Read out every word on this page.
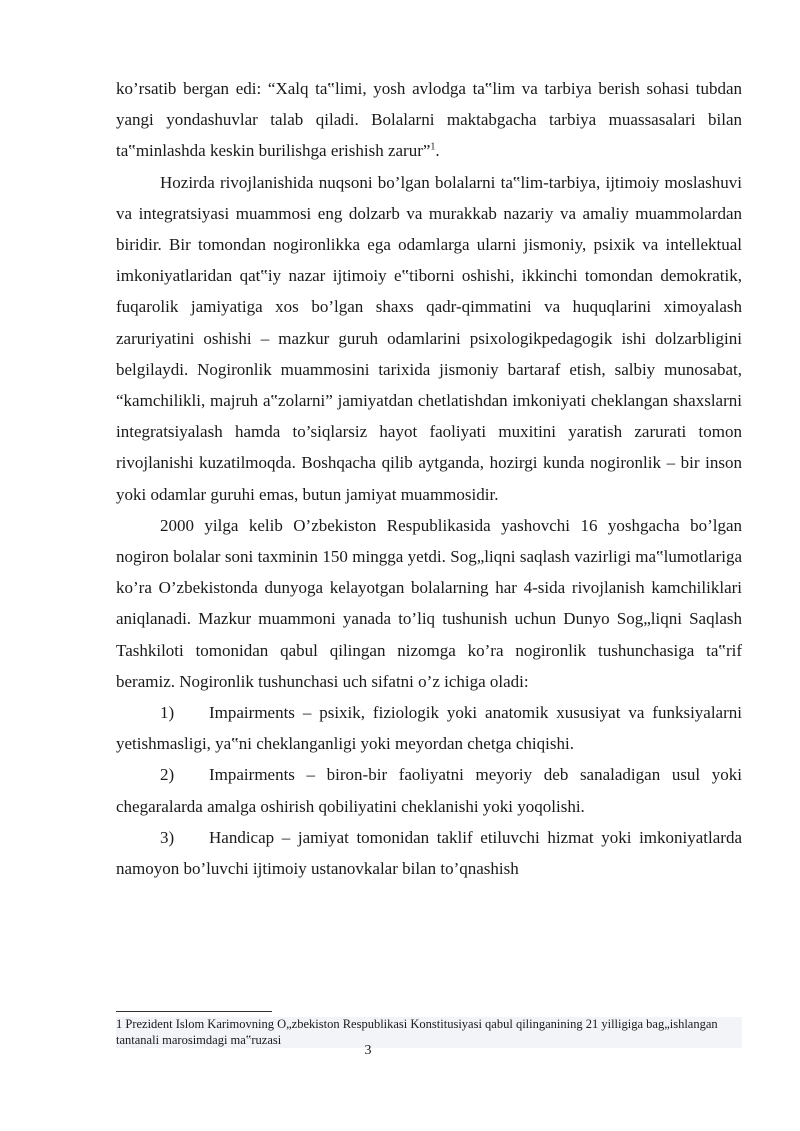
ko’rsatib bergan edi: “Xalq ta‟limi, yosh avlodga ta‟lim va tarbiya berish sohasi tubdan yangi yondashuvlar talab qiladi. Bolalarni maktabgacha tarbiya muassasalari bilan ta‟minlashda keskin burilishga erishish zarur”$^1$.

Hozirda rivojlanishida nuqsoni bo’lgan bolalarni ta‟lim-tarbiya, ijtimoiy moslashuvi va integratsiyasi muammosi eng dolzarb va murakkab nazariy va amaliy muammolardan biridir. Bir tomondan nogironlikka ega odamlarga ularni jismoniy, psixik va intellektual imkoniyatlaridan qat‟iy nazar ijtimoiy e‟tiborni oshishi, ikkinchi tomondan demokratik, fuqarolik jamiyatiga xos bo’lgan shaxs qadr-qimmatini va huquqlarini ximoyalash zaruriyatini oshishi – mazkur guruh odamlarini psixologikpedagogik ishi dolzarbligini belgilaydi. Nogironlik muammosini tarixida jismoniy bartaraf etish, salbiy munosabat, “kamchilikli, majruh a‟zolarni” jamiyatdan chetlatishdan imkoniyati cheklangan shaxslarni integratsiyalash hamda to’siqlarsiz hayot faoliyati muxitini yaratish zarurati tomon rivojlanishi kuzatilmoqda. Boshqacha qilib aytganda, hozirgi kunda nogironlik – bir inson yoki odamlar guruhi emas, butun jamiyat muammosidir.

2000 yilga kelib O’zbekiston Respublikasida yashovchi 16 yoshgacha bo’lgan nogiron bolalar soni taxminin 150 mingga yetdi. Sog„liqni saqlash vazirligi ma‟lumotlariga ko’ra O’zbekistonda dunyoga kelayotgan bolalarning har 4-sida rivojlanish kamchiliklari aniqlanadi. Mazkur muammoni yanada to’liq tushunish uchun Dunyo Sog„liqni Saqlash Tashkiloti tomonidan qabul qilingan nizomga ko’ra nogironlik tushunchasiga ta‟rif beramiz. Nogironlik tushunchasi uch sifatni o’z ichiga oladi:

1) Impairments – psixik, fiziologik yoki anatomik xususiyat va funksiyalarni yetishmasligi, ya‟ni cheklanganligi yoki meyordan chetga chiqishi.

2) Impairments – biron-bir faoliyatni meyoriy deb sanaladigan usul yoki chegaralarda amalga oshirish qobiliyatini cheklanishi yoki yoqolishi.

3) Handicap – jamiyat tomonidan taklif etiluvchi hizmat yoki imkoniyatlarda namoyon bo’luvchi ijtimoiy ustanovkalar bilan to’qnashish

1 Prezident Islom Karimovning O„zbekiston Respublikasi Konstitusiyasi qabul qilinganining 21 yilligiga bag„ishlangan tantanali marosimdagi ma‟ruzasi
3
